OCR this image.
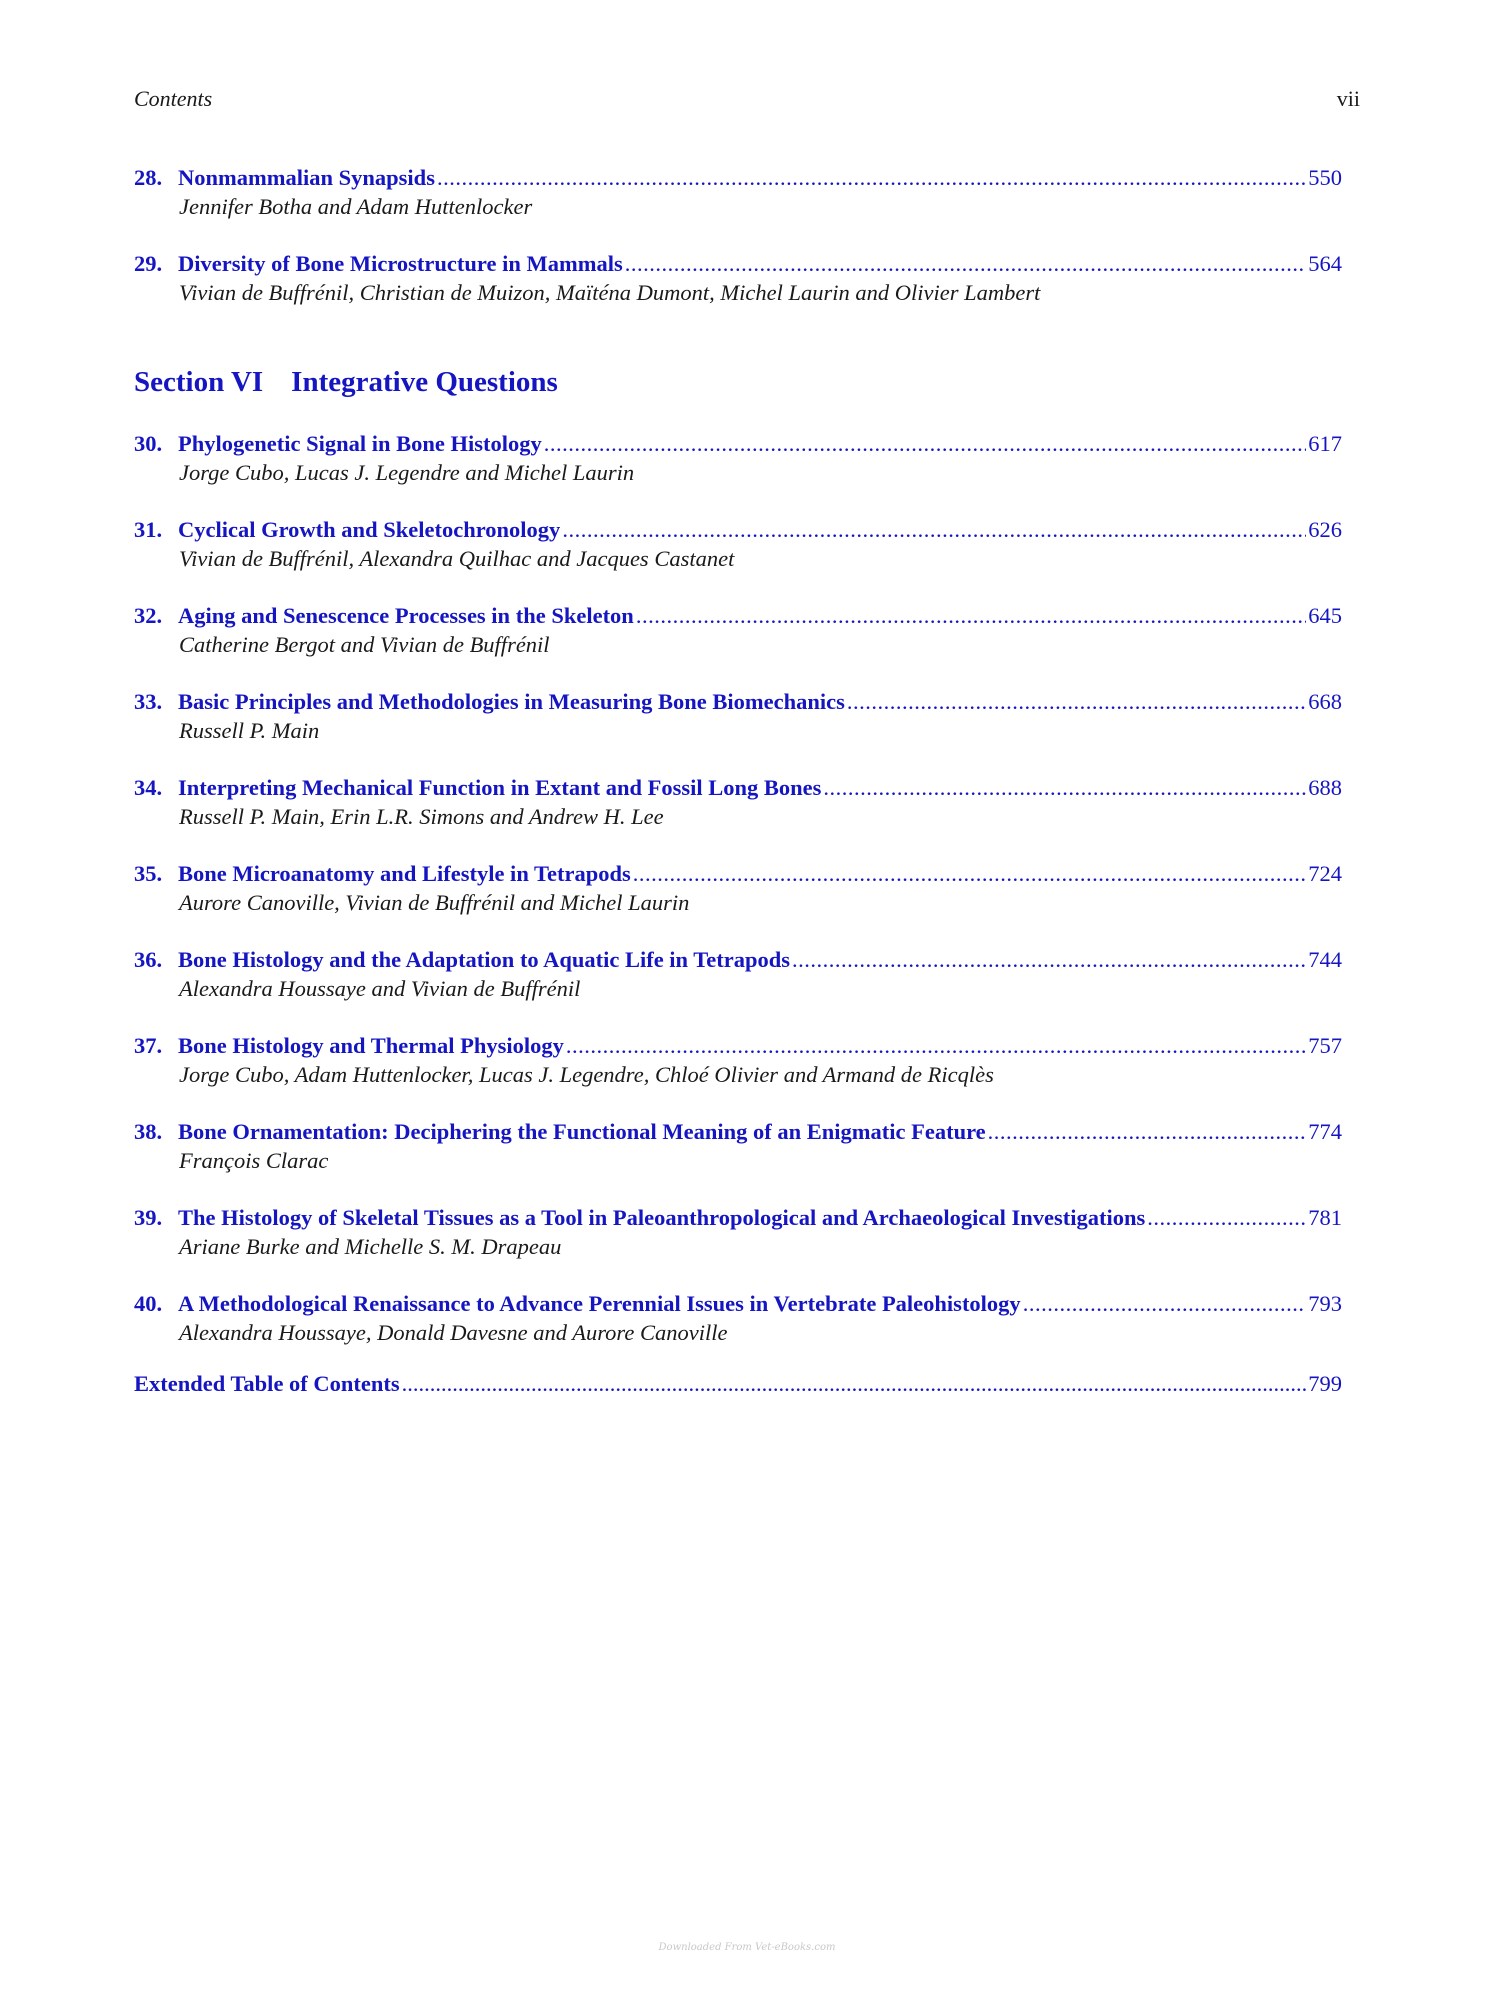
Contents	vii
28. Nonmammalian Synapsids .....	550
Jennifer Botha and Adam Huttenlocker
29. Diversity of Bone Microstructure in Mammals .....	564
Vivian de Buffrénil, Christian de Muizon, Maïténa Dumont, Michel Laurin and Olivier Lambert
Section VI Integrative Questions
30. Phylogenetic Signal in Bone Histology .....	617
Jorge Cubo, Lucas J. Legendre and Michel Laurin
31. Cyclical Growth and Skeletochronology .....	626
Vivian de Buffrénil, Alexandra Quilhac and Jacques Castanet
32. Aging and Senescence Processes in the Skeleton .....	645
Catherine Bergot and Vivian de Buffrénil
33. Basic Principles and Methodologies in Measuring Bone Biomechanics .....	668
Russell P. Main
34. Interpreting Mechanical Function in Extant and Fossil Long Bones .....	688
Russell P. Main, Erin L.R. Simons and Andrew H. Lee
35. Bone Microanatomy and Lifestyle in Tetrapods .....	724
Aurore Canoville, Vivian de Buffrénil and Michel Laurin
36. Bone Histology and the Adaptation to Aquatic Life in Tetrapods .....	744
Alexandra Houssaye and Vivian de Buffrénil
37. Bone Histology and Thermal Physiology .....	757
Jorge Cubo, Adam Huttenlocker, Lucas J. Legendre, Chloé Olivier and Armand de Ricqlès
38. Bone Ornamentation: Deciphering the Functional Meaning of an Enigmatic Feature .....	774
François Clarac
39. The Histology of Skeletal Tissues as a Tool in Paleoanthropological and Archaeological Investigations .....	781
Ariane Burke and Michelle S. M. Drapeau
40. A Methodological Renaissance to Advance Perennial Issues in Vertebrate Paleohistology .....	793
Alexandra Houssaye, Donald Davesne and Aurore Canoville
Extended Table of Contents .....	799
Downloaded From Vet-eBooks.com
